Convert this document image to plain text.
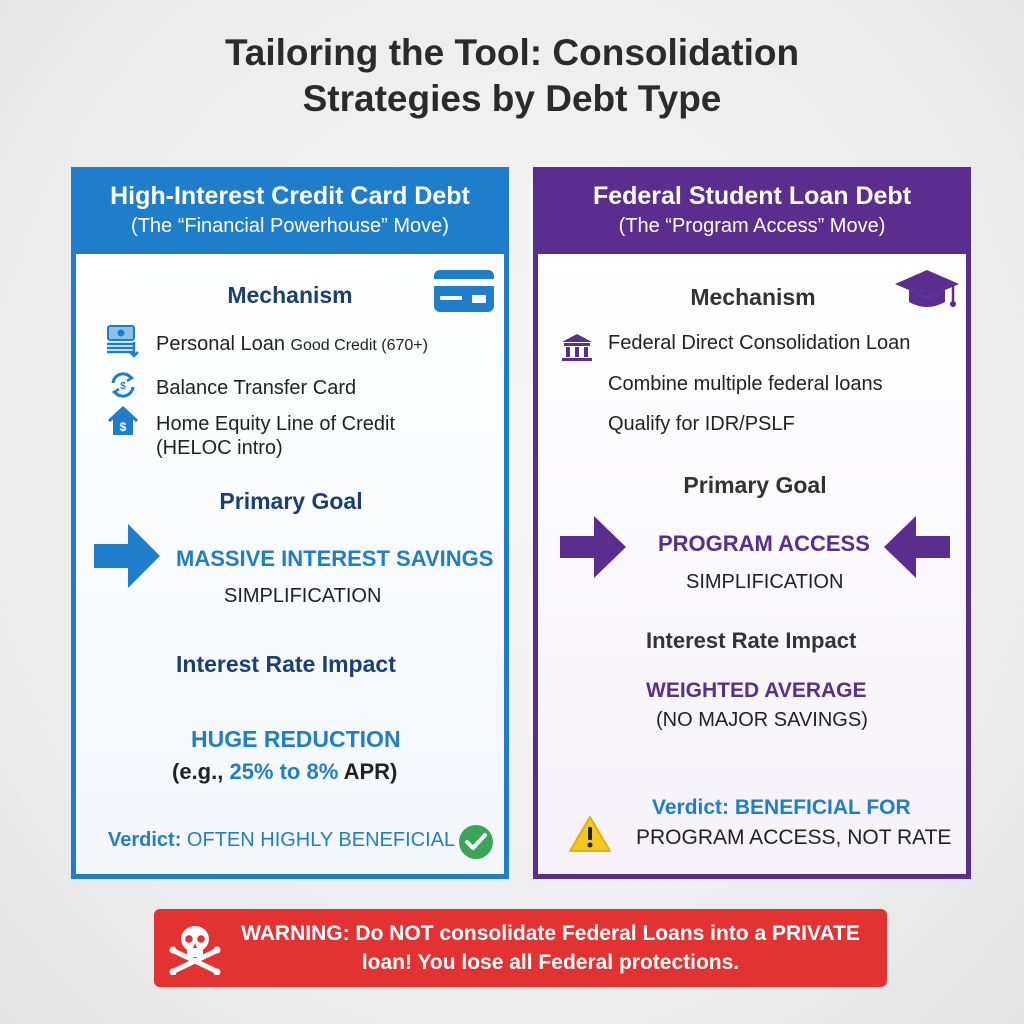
Tailoring the Tool: Consolidation
Strategies by Debt Type
High-Interest Credit Card Debt
(The “Financial Powerhouse” Move)
Mechanism
Personal Loan Good Credit (670+)
$ Balance Transfer Card
$ Home Equity Line of Credit
(HELOC intro)
Primary Goal
MASSIVE INTEREST SAVINGS
SIMPLIFICATION
Interest Rate Impact
HUGE REDUCTION
(e.g., 25% to 8% APR)
Verdict: OFTEN HIGHLY BENEFICIAL
Federal Student Loan Debt
(The “Program Access” Move)
Mechanism
Federal Direct Consolidation Loan
Combine multiple federal loans
Qualify for IDR/PSLF
Primary Goal
PROGRAM ACCESS
SIMPLIFICATION
Interest Rate Impact
WEIGHTED AVERAGE
(NO MAJOR SAVINGS)
Verdict: BENEFICIAL FOR
PROGRAM ACCESS, NOT RATE
WARNING: Do NOT consolidate Federal Loans into a PRIVATE
loan! You lose all Federal protections.
